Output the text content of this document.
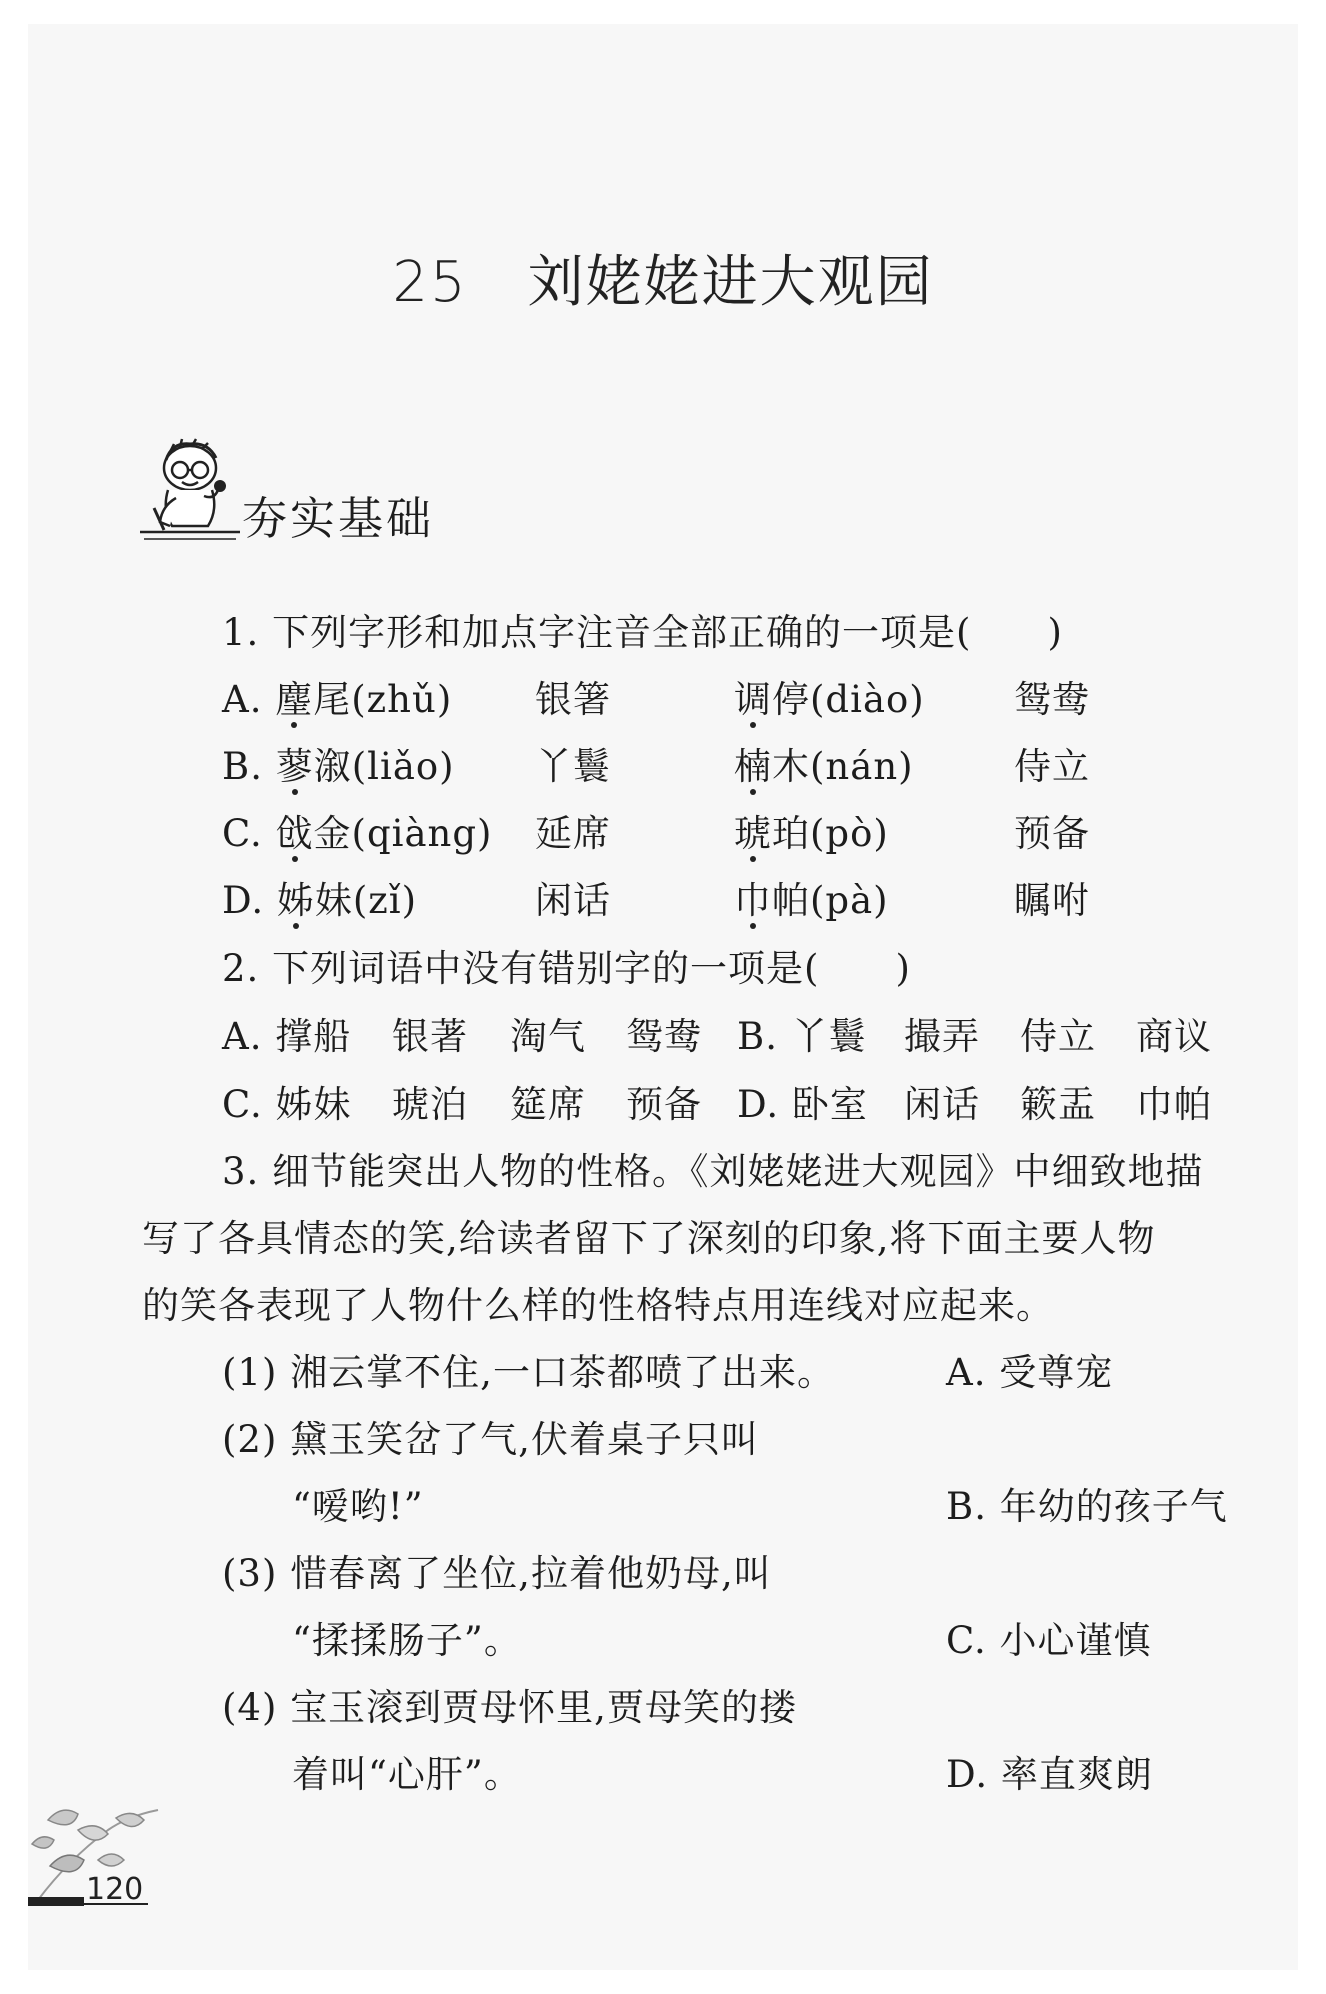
25 刘姥姥进大观园
夯实基础
1. 下列字形和加点字注音全部正确的一项是(　　)
A. 麈尾(zhǔ) 银箸	调停(diào) 鸳鸯
B. 蓼溆(liǎo) 丫鬟	楠木(nán)	侍立
C. 戗金(qiàng) 延席	琥珀(pò)	预备
D. 姊妹(zǐ)	闲话	巾帕(pà)	瞩咐
2. 下列词语中没有错别字的一项是(　　)
A. 撑船 银著 淘气 鸳鸯 B. 丫鬟 撮弄 侍立 商议
C. 姊妹 琥泊 筵席 预备 D. 卧室 闲话 簌盂 巾帕
3. 细节能突出人物的性格。《刘姥姥进大观园》中细致地描
写了各具情态的笑,给读者留下了深刻的印象,将下面主要人物
的笑各表现了人物什么样的性格特点用连线对应起来。
(1) 湘云掌不住,一口茶都喷了出来。
(2) 黛玉笑岔了气,伏着桌子只叫
“嗳哟!”
(3) 惜春离了坐位,拉着他奶母,叫
“揉揉肠子”。
(4) 宝玉滚到贾母怀里,贾母笑的搂
着叫“心肝”。
A. 受尊宠
B. 年幼的孩子气
C. 小心谨慎
D. 率直爽朗
120
